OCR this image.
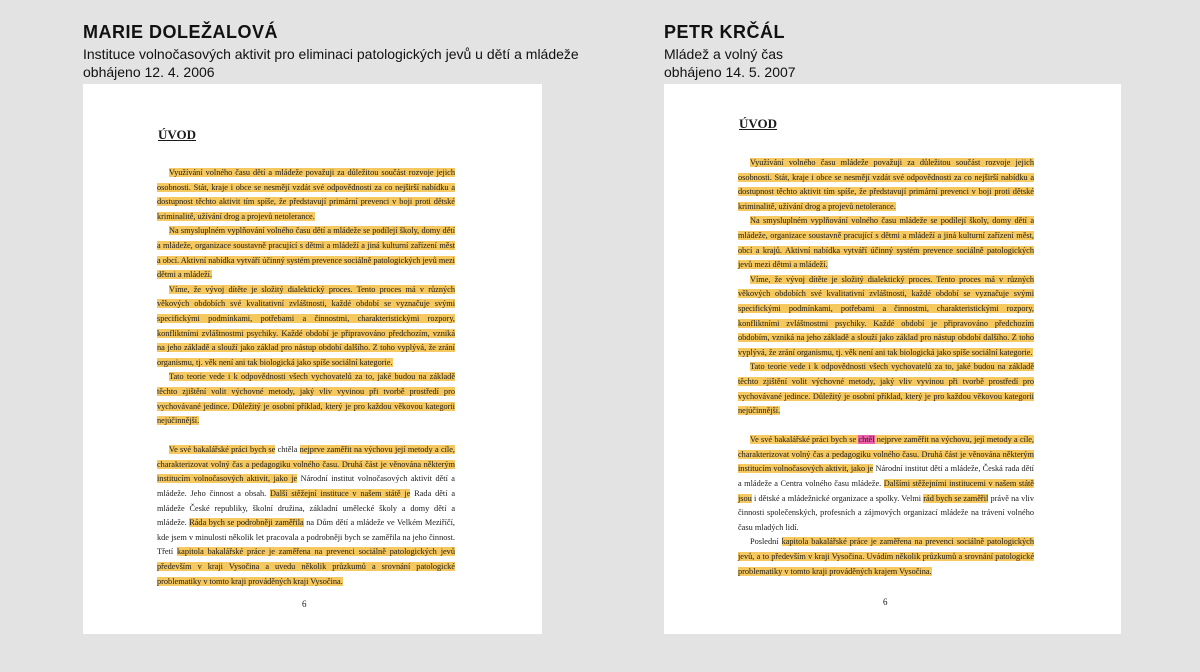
MARIE DOLEŽALOVÁ
Instituce volnočasových aktivit pro eliminaci patologických jevů u dětí a mládeže
obhájeno 12. 4. 2006
PETR KRČÁL
Mládež a volný čas
obhájeno 14. 5. 2007
ÚVOD

Využívání volného času dětí a mládeže považuji za důležitou součást rozvoje jejich osobnosti. Stát, kraje i obce se nesmějí vzdát své odpovědnosti za co nejširší nabídku a dostupnost těchto aktivit tím spíše, že představují primární prevenci v boji proti dětské kriminalitě, užívání drog a projevů netolerance.

Na smysluplném vyplňování volného času dětí a mládeže se podílejí školy, domy dětí a mládeže, organizace soustavně pracující s dětmi a mládeží a jiná kulturní zařízení měst a obcí. Aktivní nabídka vytváří účinný systém prevence sociálně patologických jevů mezi dětmi a mládeží.

Víme, že vývoj dítěte je složitý dialektický proces. Tento proces má v různých věkových obdobích své kvalitativní zvláštnosti, každé období se vyznačuje svými specifickými podmínkami, potřebami a činnostmi, charakteristickými rozpory, konfliktními zvláštnostmi psychiky. Každé období je připravováno předchozím, vzniká na jeho základě a slouží jako základ pro nástup období dalšího. Z toho vyplývá, že zrání organismu, tj. věk není ani tak biologická jako spíše sociální kategorie.

Tato teorie vede i k odpovědnosti všech vychovatelů za to, jaké budou na základě těchto zjištění volit výchovné metody, jaký vliv vyvinou při tvorbě prostředí pro vychovávané jedince. Důležitý je osobní příklad, který je pro každou věkovou kategorii nejúčinnější.

Ve své bakalářské práci bych se chtěla nejprve zaměřit na výchovu její metody a cíle, charakterizovat volný čas a pedagogiku volného času. Druhá část je věnována některým institucím volnočasových aktivit, jako je Národní institut volnočasových aktivit dětí a mládeže. Jeho činnost a obsah. Další stěžejní instituce v našem státě je Rada dětí a mládeže České republiky, školní družina, základní umělecké školy a domy dětí a mládeže. Ráda bych se podrobněji zaměřila na Dům dětí a mládeže ve Velkém Meziříčí, kde jsem v minulosti několik let pracovala a podrobněji bych se zaměřila na jeho činnost. Třetí kapitola bakalářské práce je zaměřena na prevenci sociálně patologických jevů především v kraji Vysočina a uvedu několik průzkumů a srovnání patologické problematiky v tomto kraji prováděných kraji Vysočina.

6
ÚVOD

Využívání volného času mládeže považuji za důležitou součást rozvoje jejich osobnosti. Stát, kraje i obce se nesmějí vzdát své odpovědnosti za co nejširší nabídku a dostupnost těchto aktivit tím spíše, že představují primární prevenci v boji proti dětské kriminalitě, užívání drog a projevů netolerance.

Na smysluplném vyplňování volného času mládeže se podílejí školy, domy dětí a mládeže, organizace soustavně pracující s dětmi a mládeží a jiná kulturní zařízení měst, obcí a krajů. Aktivní nabídka vytváří účinný systém prevence sociálně patologických jevů mezi dětmi a mládeží.

Víme, že vývoj dítěte je složitý dialektický proces. Tento proces má v různých věkových obdobích své kvalitativní zvláštnosti, každé období se vyznačuje svými specifickými podmínkami, potřebami a činnostmi, charakteristickými rozpory, konfliktními zvláštnostmi psychiky. Každé období je připravováno předchozím obdobím, vzniká na jeho základě a slouží jako základ pro nástup období dalšího. Z toho vyplývá, že zrání organismu, tj. věk není ani tak biologická jako spíše sociální kategorie.

Tato teorie vede i k odpovědnosti všech vychovatelů za to, jaké budou na základě těchto zjištění volit výchovné metody, jaký vliv vyvinou při tvorbě prostředí pro vychovávané jedince. Důležitý je osobní příklad, který je pro každou věkovou kategorii nejúčinnější.

Ve své bakalářské práci bych se chtěl nejprve zaměřit na výchovu, její metody a cíle, charakterizovat volný čas a pedagogiku volného času. Druhá část je věnována některým institucím volnočasových aktivit, jako je Národní institut dětí a mládeže, Česká rada dětí a mládeže a Centra volného času mládeže. Dalšími stěžejními institucemi v našem státě jsou i dětské a mládežnické organizace a spolky. Velmi rád bych se zaměřil právě na vliv činnosti společenských, profesních a zájmových organizací mládeže na trávení volného času mladých lidí.

Poslední kapitola bakalářské práce je zaměřena na prevenci sociálně patologických jevů, a to především v kraji Vysočina. Uvádím několik průzkumů a srovnání patologické problematiky v tomto kraji prováděných krajem Vysočina.

6
